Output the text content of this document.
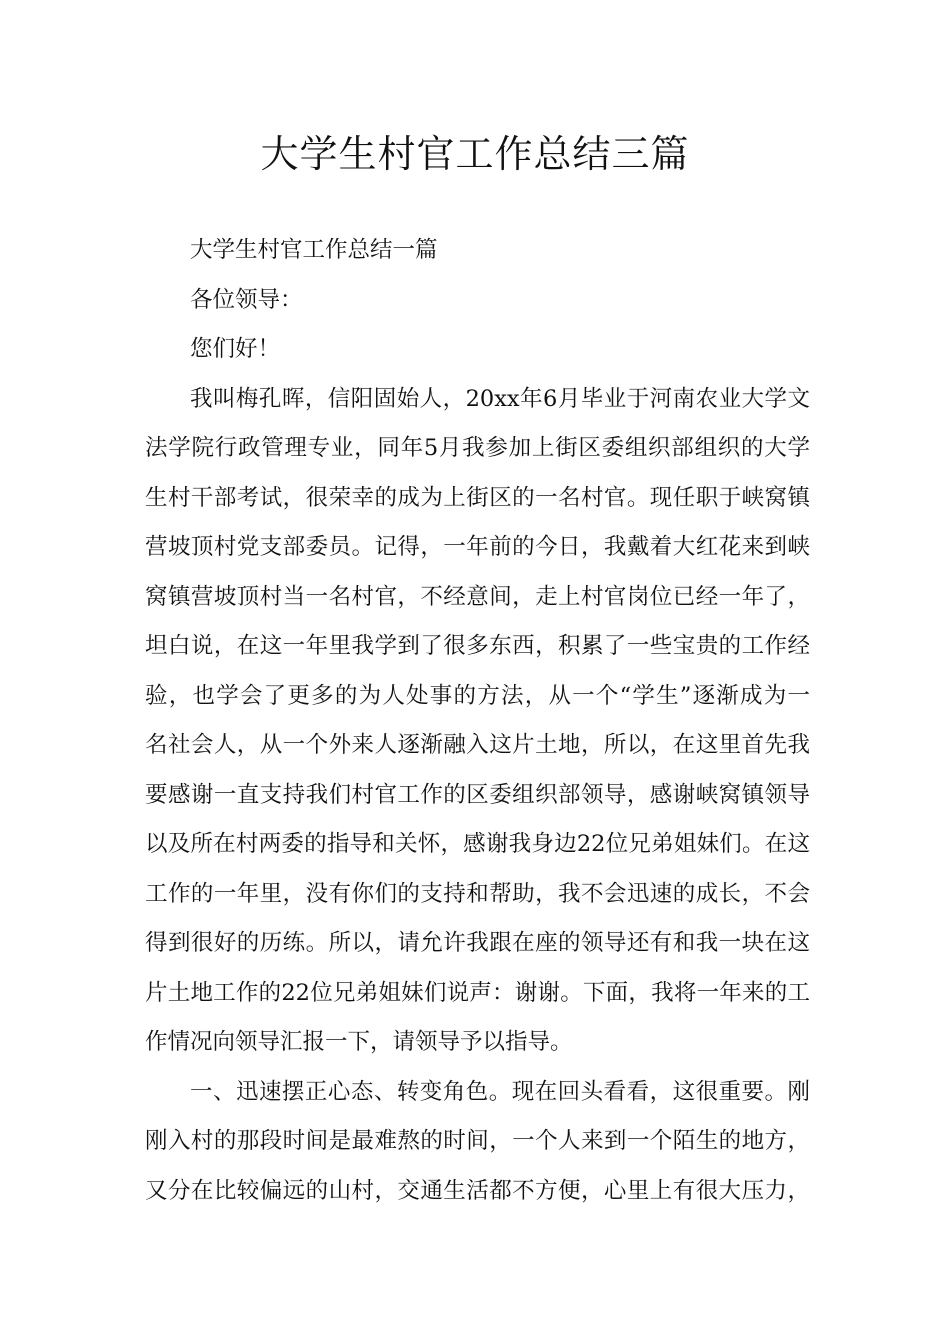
大学生村官工作总结三篇
大学生村官工作总结一篇
各位领导：
您们好！
我叫梅孔晖，信阳固始人，20xx年6月毕业于河南农业大学文
法学院行政管理专业，同年5月我参加上街区委组织部组织的大学
生村干部考试，很荣幸的成为上街区的一名村官。现任职于峡窝镇
营坡顶村党支部委员。记得，一年前的今日，我戴着大红花来到峡
窝镇营坡顶村当一名村官，不经意间，走上村官岗位已经一年了，
坦白说，在这一年里我学到了很多东西，积累了一些宝贵的工作经
验，也学会了更多的为人处事的方法，从一个“学生”逐渐成为一
名社会人，从一个外来人逐渐融入这片土地，所以，在这里首先我
要感谢一直支持我们村官工作的区委组织部领导，感谢峡窝镇领导
以及所在村两委的指导和关怀，感谢我身边22位兄弟姐妹们。在这
工作的一年里，没有你们的支持和帮助，我不会迅速的成长，不会
得到很好的历练。所以，请允许我跟在座的领导还有和我一块在这
片土地工作的22位兄弟姐妹们说声：谢谢。下面，我将一年来的工
作情况向领导汇报一下，请领导予以指导。
一、迅速摆正心态、转变角色。现在回头看看，这很重要。刚
刚入村的那段时间是最难熬的时间，一个人来到一个陌生的地方，
又分在比较偏远的山村，交通生活都不方便，心里上有很大压力，
